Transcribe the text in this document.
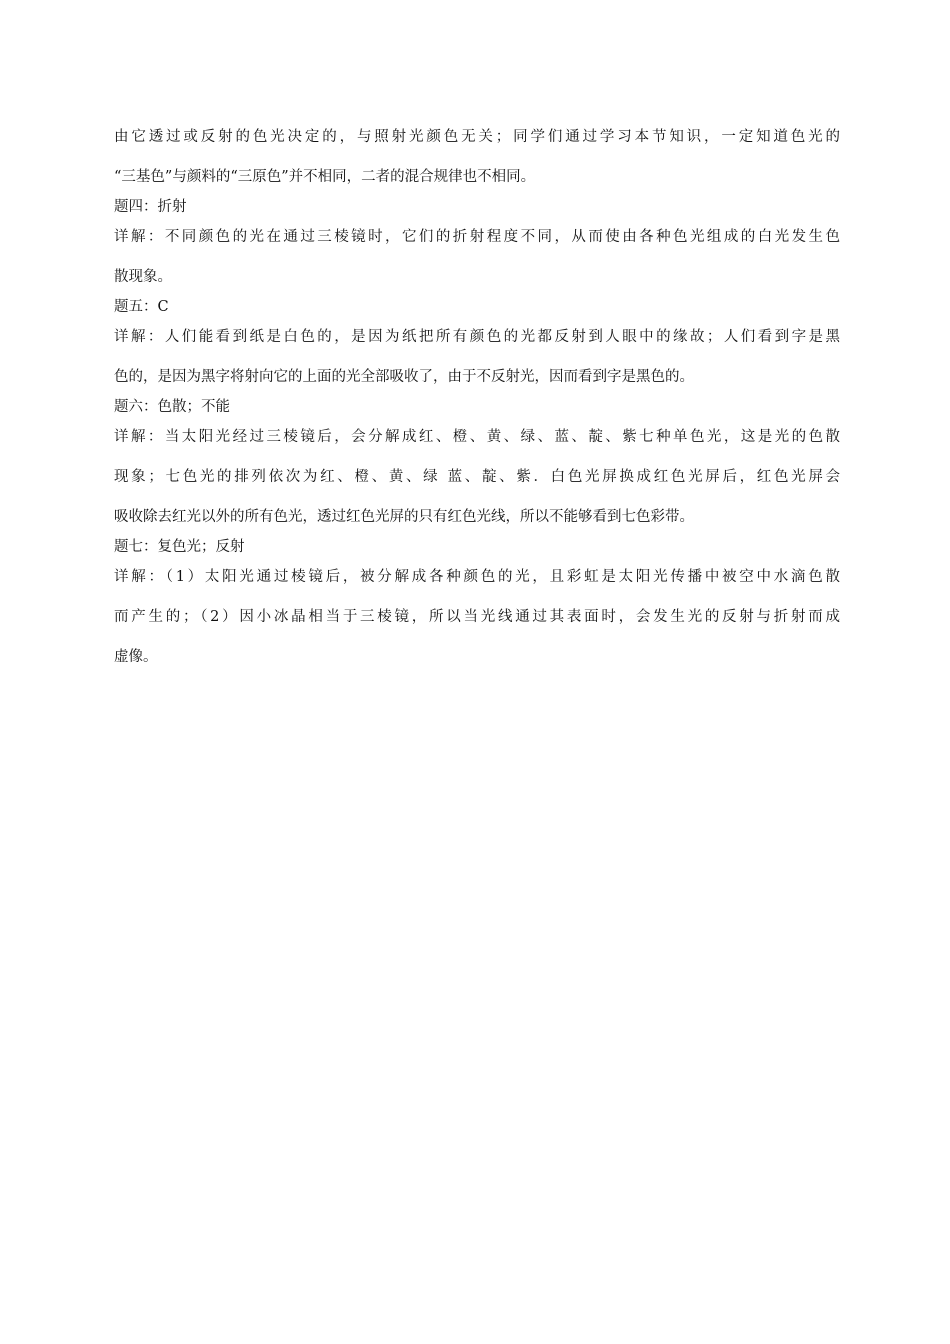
由它透过或反射的色光决定的，与照射光颜色无关；同学们通过学习本节知识，一定知道色光的

“三基色”与颜料的“三原色”并不相同，二者的混合规律也不相同。

题四：折射

详解：不同颜色的光在通过三棱镜时，它们的折射程度不同，从而使由各种色光组成的白光发生色

散现象。

题五：C

详解：人们能看到纸是白色的，是因为纸把所有颜色的光都反射到人眼中的缘故；人们看到字是黑

色的，是因为黑字将射向它的上面的光全部吸收了，由于不反射光，因而看到字是黑色的。

题六：色散；不能

详解：当太阳光经过三棱镜后，会分解成红、橙、黄、绿、蓝、靛、紫七种单色光，这是光的色散

现象；七色光的排列依次为红、橙、黄、绿 蓝、靛、紫．白色光屏换成红色光屏后，红色光屏会

吸收除去红光以外的所有色光，透过红色光屏的只有红色光线，所以不能够看到七色彩带。

题七：复色光；反射

详解：（1）太阳光通过棱镜后，被分解成各种颜色的光，且彩虹是太阳光传播中被空中水滴色散

而产生的；（2）因小冰晶相当于三棱镜，所以当光线通过其表面时，会发生光的反射与折射而成

虚像。
